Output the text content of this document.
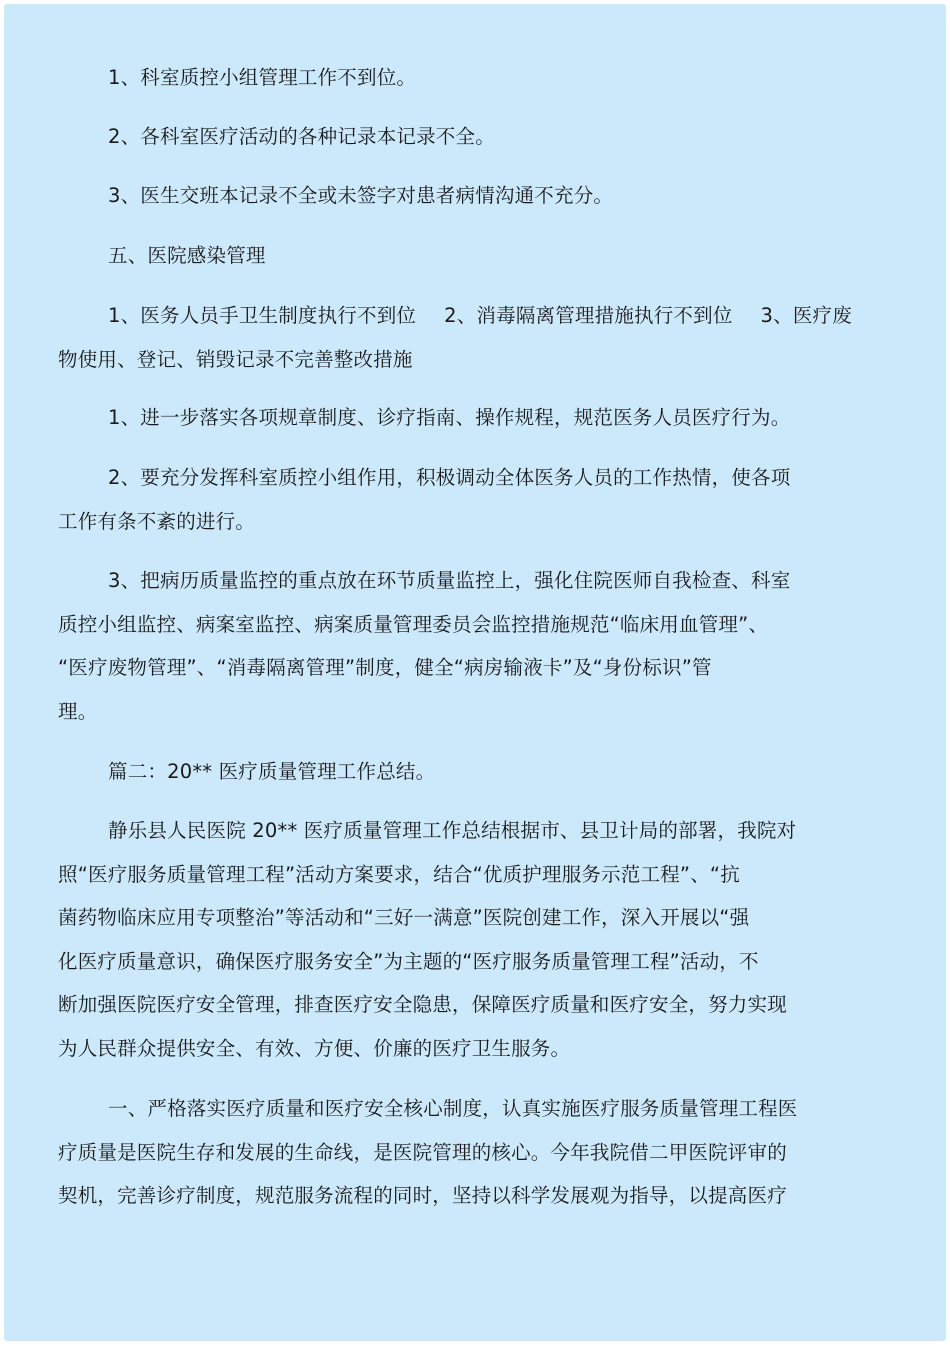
1、科室质控小组管理工作不到位。

2、各科室医疗活动的各种记录本记录不全。

3、医生交班本记录不全或未签字对患者病情沟通不充分。

五、医院感染管理

1、医务人员手卫生制度执行不到位 2、消毒隔离管理措施执行不到位 3、医疗废
物使用、登记、销毁记录不完善整改措施

1、进一步落实各项规章制度、诊疗指南、操作规程，规范医务人员医疗行为。

2、要充分发挥科室质控小组作用，积极调动全体医务人员的工作热情，使各项
工作有条不紊的进行。

3、把病历质量监控的重点放在环节质量监控上，强化住院医师自我检查、科室
质控小组监控、病案室监控、病案质量管理委员会监控措施规范“临床用血管理”、
“医疗废物管理”、“消毒隔离管理”制度，健全“病房输液卡”及“身份标识”管
理。

篇二：20** 医疗质量管理工作总结。

静乐县人民医院 20** 医疗质量管理工作总结根据市、县卫计局的部署，我院对
照“医疗服务质量管理工程”活动方案要求，结合“优质护理服务示范工程”、“抗
菌药物临床应用专项整治”等活动和“三好一满意”医院创建工作，深入开展以“强
化医疗质量意识，确保医疗服务安全”为主题的“医疗服务质量管理工程”活动，不
断加强医院医疗安全管理，排查医疗安全隐患，保障医疗质量和医疗安全，努力实现
为人民群众提供安全、有效、方便、价廉的医疗卫生服务。

一、严格落实医疗质量和医疗安全核心制度，认真实施医疗服务质量管理工程医
疗质量是医院生存和发展的生命线，是医院管理的核心。今年我院借二甲医院评审的
契机，完善诊疗制度，规范服务流程的同时，坚持以科学发展观为指导，以提高医疗
